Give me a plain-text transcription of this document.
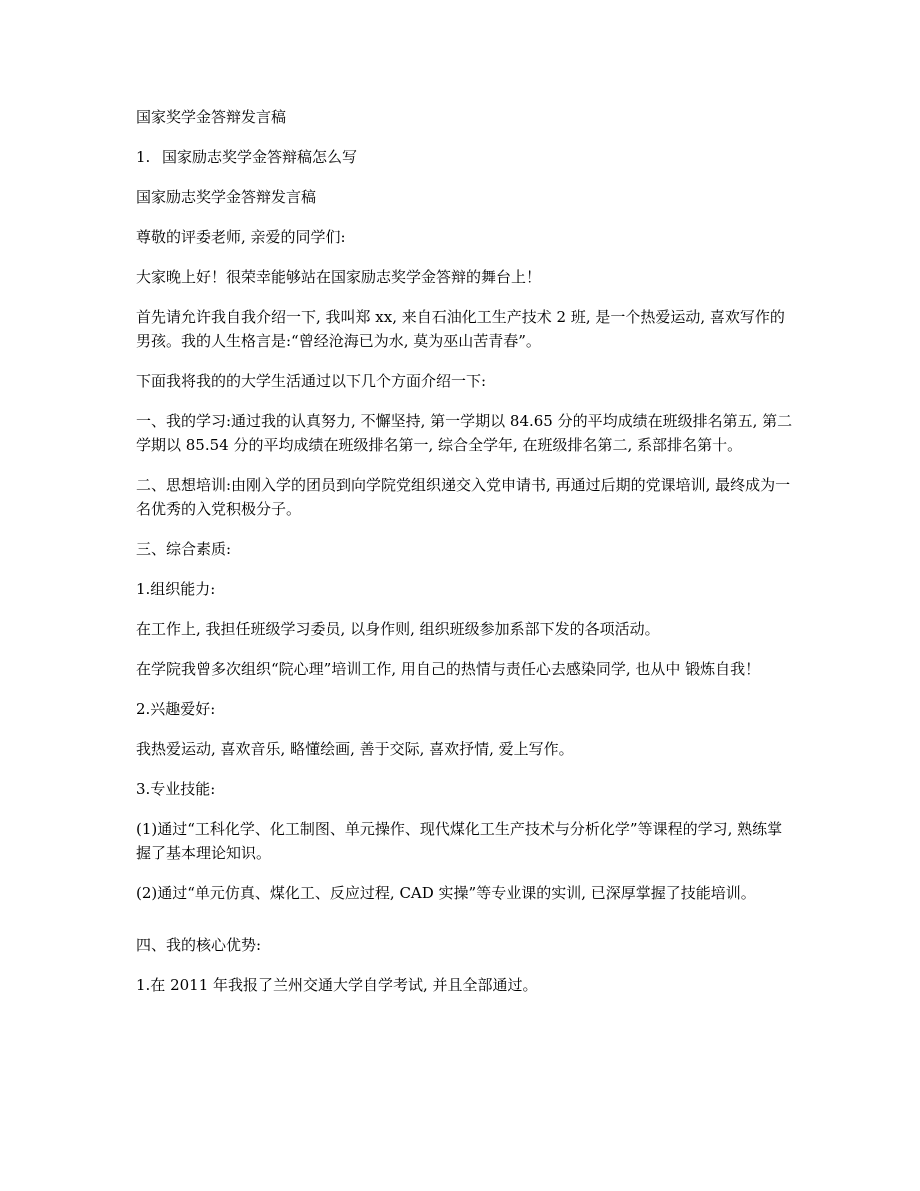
国家奖学金答辩发言稿

1. 国家励志奖学金答辩稿怎么写

国家励志奖学金答辩发言稿

尊敬的评委老师, 亲爱的同学们:

大家晚上好！很荣幸能够站在国家励志奖学金答辩的舞台上！

首先请允许我自我介绍一下, 我叫郑 xx, 来自石油化工生产技术 2 班, 是一个热爱运动, 喜欢写作的男孩。我的人生格言是:“曾经沧海已为水, 莫为巫山苦青春”。

下面我将我的的大学生活通过以下几个方面介绍一下:

一、我的学习:通过我的认真努力, 不懈坚持, 第一学期以 84.65 分的平均成绩在班级排名第五, 第二学期以 85.54 分的平均成绩在班级排名第一, 综合全学年, 在班级排名第二, 系部排名第十。

二、思想培训:由刚入学的团员到向学院党组织递交入党申请书, 再通过后期的党课培训, 最终成为一名优秀的入党积极分子。

三、综合素质:

1.组织能力:

在工作上, 我担任班级学习委员, 以身作则, 组织班级参加系部下发的各项活动。

在学院我曾多次组织“院心理”培训工作, 用自己的热情与责任心去感染同学, 也从中 锻炼自我！

2.兴趣爱好:

我热爱运动, 喜欢音乐, 略懂绘画, 善于交际, 喜欢抒情, 爱上写作。

3.专业技能:

(1)通过“工科化学、化工制图、单元操作、现代煤化工生产技术与分析化学”等课程的学习, 熟练掌握了基本理论知识。

(2)通过“单元仿真、煤化工、反应过程, CAD 实操”等专业课的实训, 已深厚掌握了技能培训。

四、我的核心优势:

1.在 2011 年我报了兰州交通大学自学考试, 并且全部通过。
